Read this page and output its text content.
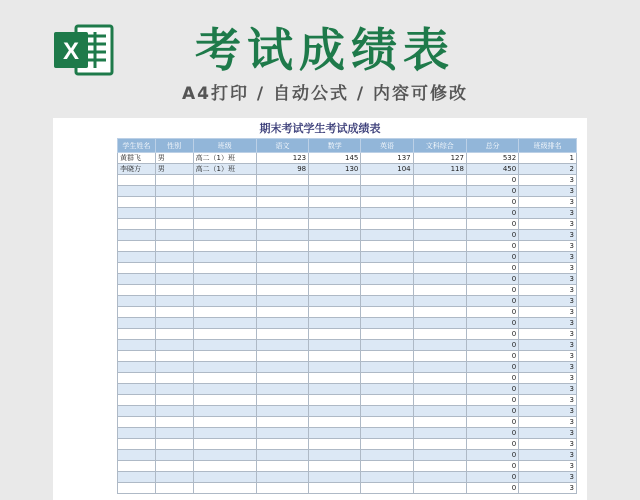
X	考试成绩表
A4打印 / 自动公式 / 内容可修改
期末考试学生考试成绩表
学生姓名	性别	班级	语文	数学	英语	文科综合	总分	班级排名
黄群飞	男	高二（1）班	123	145	137	127	532	1
李晓方	男	高二（1）班	98	130	104	118	450	2
							0	3
							0	3
							0	3
							0	3
							0	3
							0	3
							0	3
							0	3
							0	3
							0	3
							0	3
							0	3
							0	3
							0	3
							0	3
							0	3
							0	3
							0	3
							0	3
							0	3
							0	3
							0	3
							0	3
							0	3
							0	3
							0	3
							0	3
							0	3
							0	3
